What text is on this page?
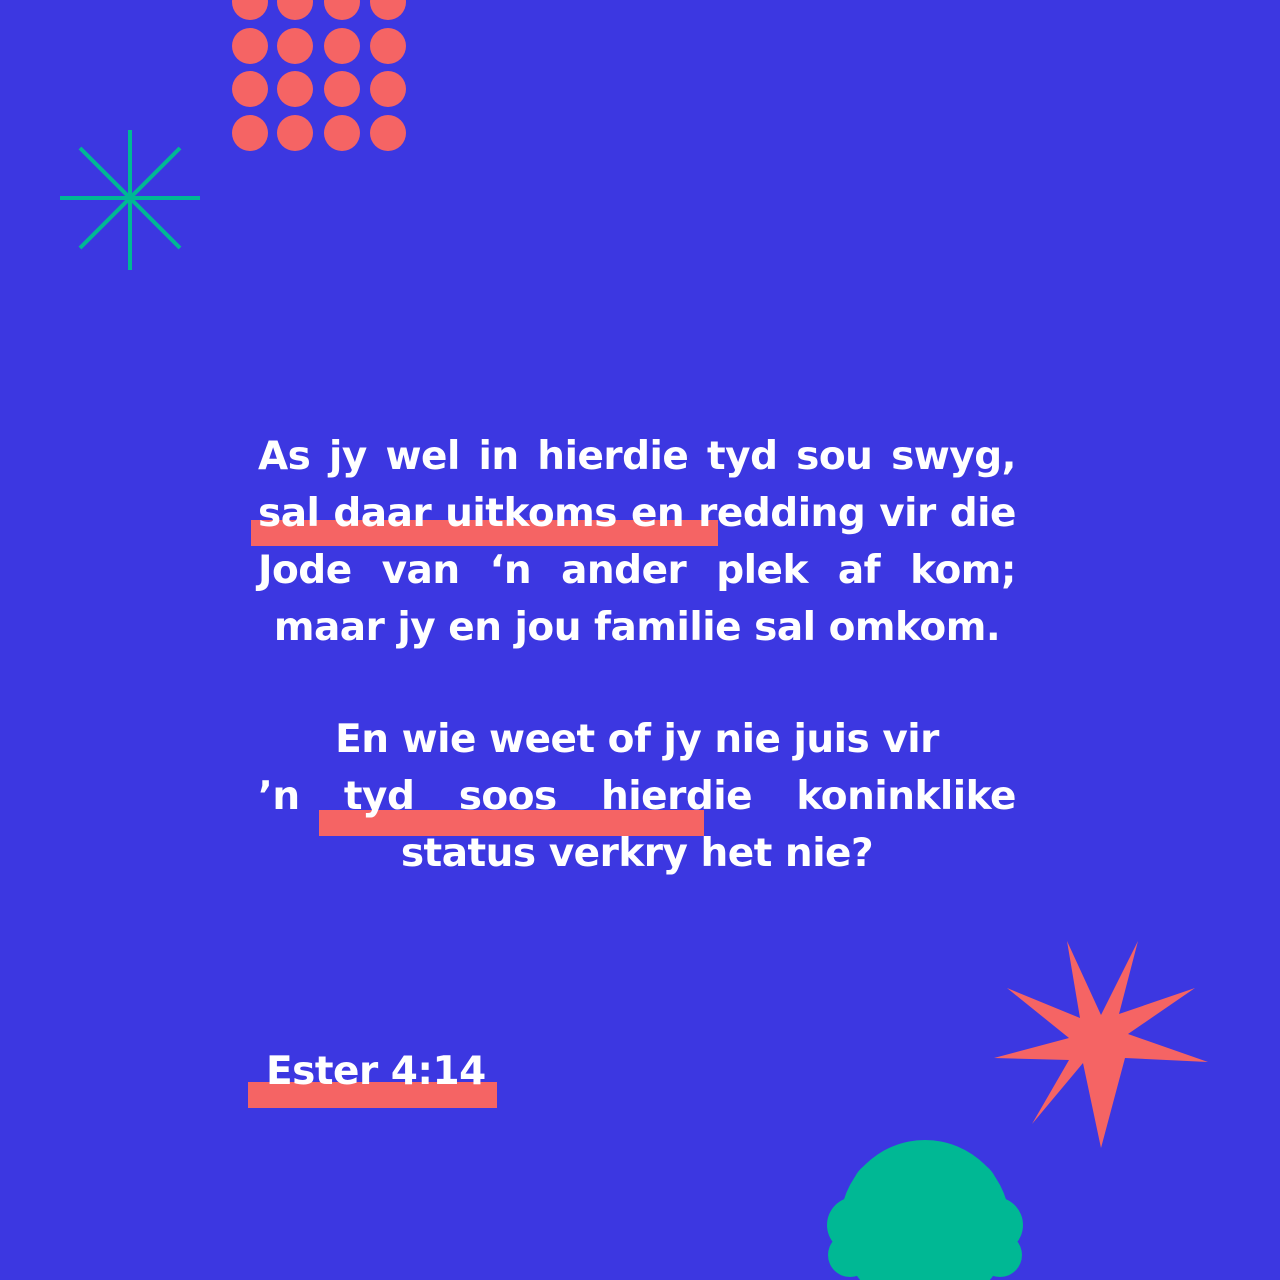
As jy wel in hierdie tyd sou swyg,
sal daar uitkoms en redding vir die
Jode van ‘n ander plek af kom;
maar jy en jou familie sal omkom.
En wie weet of jy nie juis vir
’n tyd soos hierdie koninklike
status verkry het nie?
Ester 4:14
